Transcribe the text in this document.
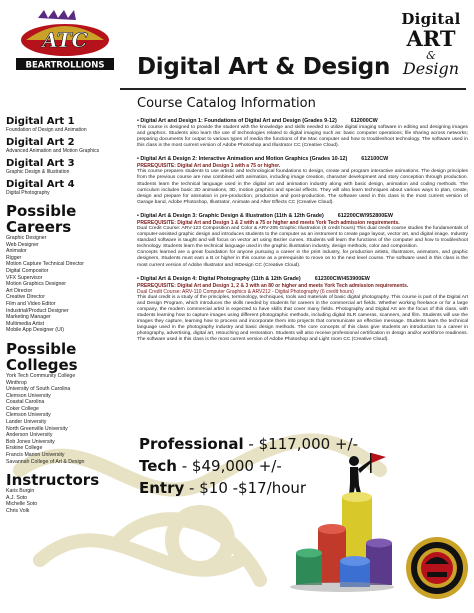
ATC
BEARTROLLIONS Digital Art & Design
Digital
ART
&
Design
Digital Art 1
Foundation of Design and Animation
Digital Art 2
Advanced Animation and Motion Graphics
Digital Art 3
Graphic Design & Illustration
Digital Art 4
Digital Photography
Possible Careers
Graphic Designer
Web Designer
Animator
Rigger
Motion Capture Technical Director
Digital Compositor
VFX Supervisor
Motion Graphics Designer
Art Director
Creative Director
Film and Video Editor
Industrial/Product Designer
Marketing Manager
Multimedia Artist
Mobile App Designer (UI)
Possible Colleges
York Tech Community College
Winthrop
University of South Carolina
Clemson University
Coastal Carolina
Coker College
Clemson University
Lander University
North Greenville University
Anderson University
Bob Jones University
Erskine College
Francis Marion University
Savannah College of Art & Design
Instructors
Karis Burgin
A.J. Soto
Michelle Soto
Chris Volk
Course Catalog Information
• Digital Art and Design 1: Foundations of Digital Art and Design (Grades 9-12)	612000CW
This course is designed to provide the student with the knowledge and skills needed to utilize digital imaging software in editing and designing images and graphics. Students also learn the use of technologies related to digital imaging such as: basic computer operations; file sharing across networks; preparing documents for output to various types of media the functions of the Mac computer and how to troubleshoot technology. The software used in this class is the most current version of Adobe Photoshop and Illustrator CC (Creative Cloud).
• Digital Art & Design 2: Interactive Animation and Motion Graphics (Grades 10-12)	612100CW
PREREQUISITE: Digital Art and Design 1 with a 75 or higher.
This course prepares students to use artistic and technological foundations to design, create and program interactive animations. The design principles from the previous course are now combined with animation, including image creation, character development and story conception through production. Students learn the technical language used in the digital art and animation industry along with basic design, animation and coding methods. The curriculum includes basic 2D animations, 3D, motion graphics and special effects. They will also learn techniques about various ways to plan, create, design and prepare for animation in pre-production, production and post-production. The software used in this class is the most current version of Garage band, Adobe Photoshop, Illustrator, Animate and After Effects CC (Creative Cloud).
• Digital Art & Design 3: Graphic Design & Illustration (11th & 12th Grade)	612200CW/952800EW
PREREQUISITE: Digital Art and Design 1 & 2 with a 75 or higher and meets York Tech admission requirements.
Dual Credit Course: ARV-123 Composition and Color & ARV-205 Graphic Illustration (6 credit hours) This dual credit course studies the fundamentals of computer-assisted graphic design and introduces students to the computer as an instrument to create page layout, vector art, and digital image. Industry standard software is taught and will focus on vector art using Bezier curves. Students will learn the functions of the computer and how to troubleshoot technology. Students learn the technical language used in the graphic illustration industry, design methods, color and composition.
Concepts learned are a great foundation for anyone pursuing a career in the print industry, for production artists, illustrators, animators, and graphic designers. Students must earn a B or higher in this course as a prerequisite to move on to the next level course. The software used in this class is the most current version of Adobe Illustrator and InDesign CC (Creative Cloud).
• Digital Art & Design 4: Digital Photography (11th & 12th Grade)	612300CW/453900EW
PREREQUISITE: Digital Art and Design 1, 2 & 3 with an 80 or higher and meets York Tech admission requirements.
Dual Credit Course: ARV-110 Computer Graphics & ARV212 - Digital Photography (6 credit hours)
This dual credit is a study of the principles, terminology, techniques, tools and materials of basic digital photography. This course is part of the Digital Art and Design Program, which introduces the skills needed by students for careers in the commercial art fields. Whether working freelance or for a large company, the modern commercial artist is expected to have skills that cover many fields. Photography and Digital Art are the focus of this class, with students learning how to capture images using different photographic methods, including digital SLR cameras, scanners, and film. Students will use the images they capture, learning how to process and incorporate them into projects that communicate an effective message. Students learn the technical language used in the photography industry and basic design methods. The core concepts of this class give students an introduction to a career in photography, advertising, digital art, retouching and restoration. Students will also receive professional certification in design and/or workforce readiness. The software used in this class is the most current version of Adobe Photoshop and Light room CC (Creative Cloud).
Professional - $117,000 +/-
Tech - $49,000 +/-
Entry - $10 -$17/hour
